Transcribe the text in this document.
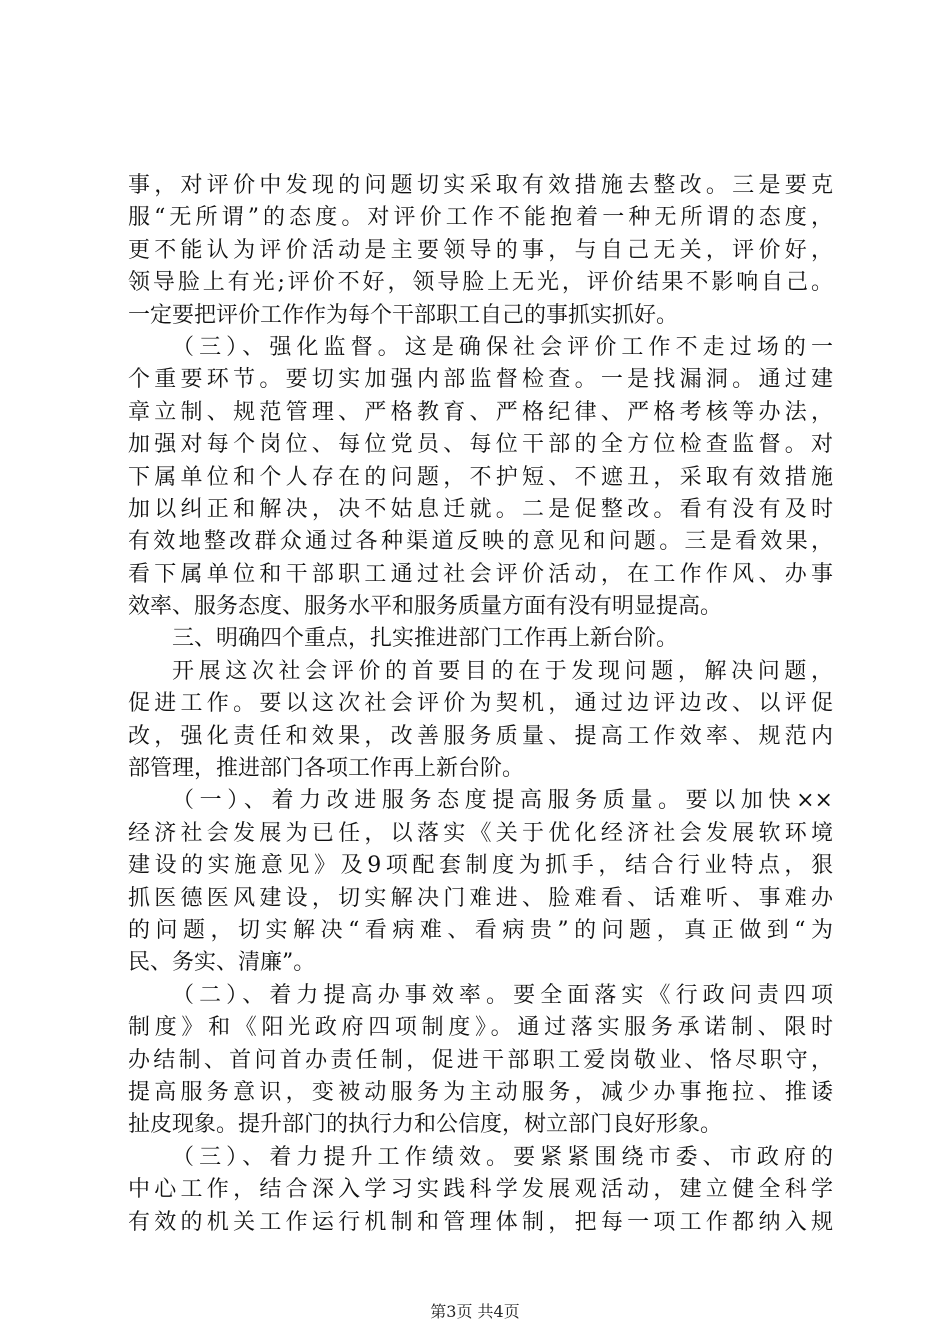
事，对评价中发现的问题切实采取有效措施去整改。三是要克
服“无所谓”的态度。对评价工作不能抱着一种无所谓的态度，
更不能认为评价活动是主要领导的事，与自己无关，评价好，
领导脸上有光;评价不好，领导脸上无光，评价结果不影响自己。
一定要把评价工作作为每个干部职工自己的事抓实抓好。
（三）、强化监督。这是确保社会评价工作不走过场的一
个重要环节。要切实加强内部监督检查。一是找漏洞。通过建
章立制、规范管理、严格教育、严格纪律、严格考核等办法，
加强对每个岗位、每位党员、每位干部的全方位检查监督。对
下属单位和个人存在的问题，不护短、不遮丑，采取有效措施
加以纠正和解决，决不姑息迁就。二是促整改。看有没有及时
有效地整改群众通过各种渠道反映的意见和问题。三是看效果，
看下属单位和干部职工通过社会评价活动，在工作作风、办事
效率、服务态度、服务水平和服务质量方面有没有明显提高。
三、明确四个重点，扎实推进部门工作再上新台阶。
开展这次社会评价的首要目的在于发现问题，解决问题，
促进工作。要以这次社会评价为契机，通过边评边改、以评促
改，强化责任和效果，改善服务质量、提高工作效率、规范内
部管理，推进部门各项工作再上新台阶。
（一）、着力改进服务态度提高服务质量。要以加快××
经济社会发展为已任，以落实《关于优化经济社会发展软环境
建设的实施意见》及9项配套制度为抓手，结合行业特点，狠
抓医德医风建设，切实解决门难进、脸难看、话难听、事难办
的问题，切实解决“看病难、看病贵”的问题，真正做到“为
民、务实、清廉”。
（二）、着力提高办事效率。要全面落实《行政问责四项
制度》和《阳光政府四项制度》。通过落实服务承诺制、限时
办结制、首问首办责任制，促进干部职工爱岗敬业、恪尽职守，
提高服务意识，变被动服务为主动服务，减少办事拖拉、推诿
扯皮现象。提升部门的执行力和公信度，树立部门良好形象。
（三）、着力提升工作绩效。要紧紧围绕市委、市政府的
中心工作，结合深入学习实践科学发展观活动，建立健全科学
有效的机关工作运行机制和管理体制，把每一项工作都纳入规
第3页 共4页
